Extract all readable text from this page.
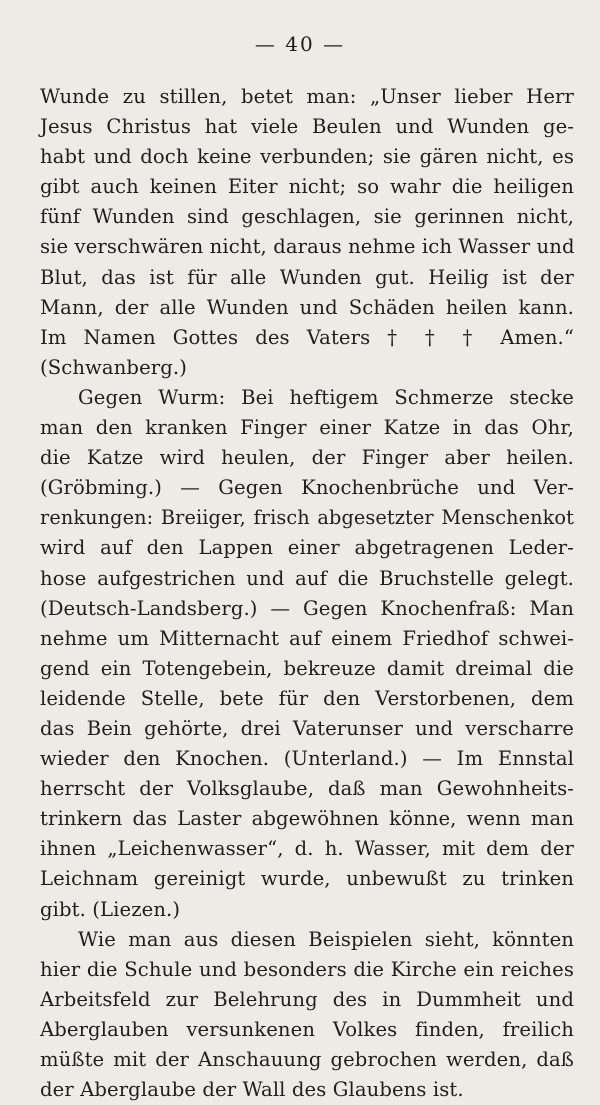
— 40 —
Wunde zu stillen, betet man: „Unser lieber Herr
Jesus Christus hat viele Beulen und Wunden ge-
habt und doch keine verbunden; sie gären nicht, es
gibt auch keinen Eiter nicht; so wahr die heiligen
fünf Wunden sind geschlagen, sie gerinnen nicht,
sie verschwären nicht, daraus nehme ich Wasser und
Blut, das ist für alle Wunden gut. Heilig ist der
Mann, der alle Wunden und Schäden heilen kann.
Im Namen Gottes des Vaters † † † Amen.“
(Schwanberg.)
Gegen Wurm: Bei heftigem Schmerze stecke
man den kranken Finger einer Katze in das Ohr,
die Katze wird heulen, der Finger aber heilen.
(Gröbming.) — Gegen Knochenbrüche und Ver-
renkungen: Breiiger, frisch abgesetzter Menschenkot
wird auf den Lappen einer abgetragenen Leder-
hose aufgestrichen und auf die Bruchstelle gelegt.
(Deutsch-Landsberg.) — Gegen Knochenfraß: Man
nehme um Mitternacht auf einem Friedhof schwei-
gend ein Totengebein, bekreuze damit dreimal die
leidende Stelle, bete für den Verstorbenen, dem
das Bein gehörte, drei Vaterunser und verscharre
wieder den Knochen. (Unterland.) — Im Ennstal
herrscht der Volksglaube, daß man Gewohnheits-
trinkern das Laster abgewöhnen könne, wenn man
ihnen „Leichenwasser“, d. h. Wasser, mit dem der
Leichnam gereinigt wurde, unbewußt zu trinken
gibt. (Liezen.)
Wie man aus diesen Beispielen sieht, könnten
hier die Schule und besonders die Kirche ein reiches
Arbeitsfeld zur Belehrung des in Dummheit und
Aberglauben versunkenen Volkes finden, freilich
müßte mit der Anschauung gebrochen werden, daß
der Aberglaube der Wall des Glaubens ist.
